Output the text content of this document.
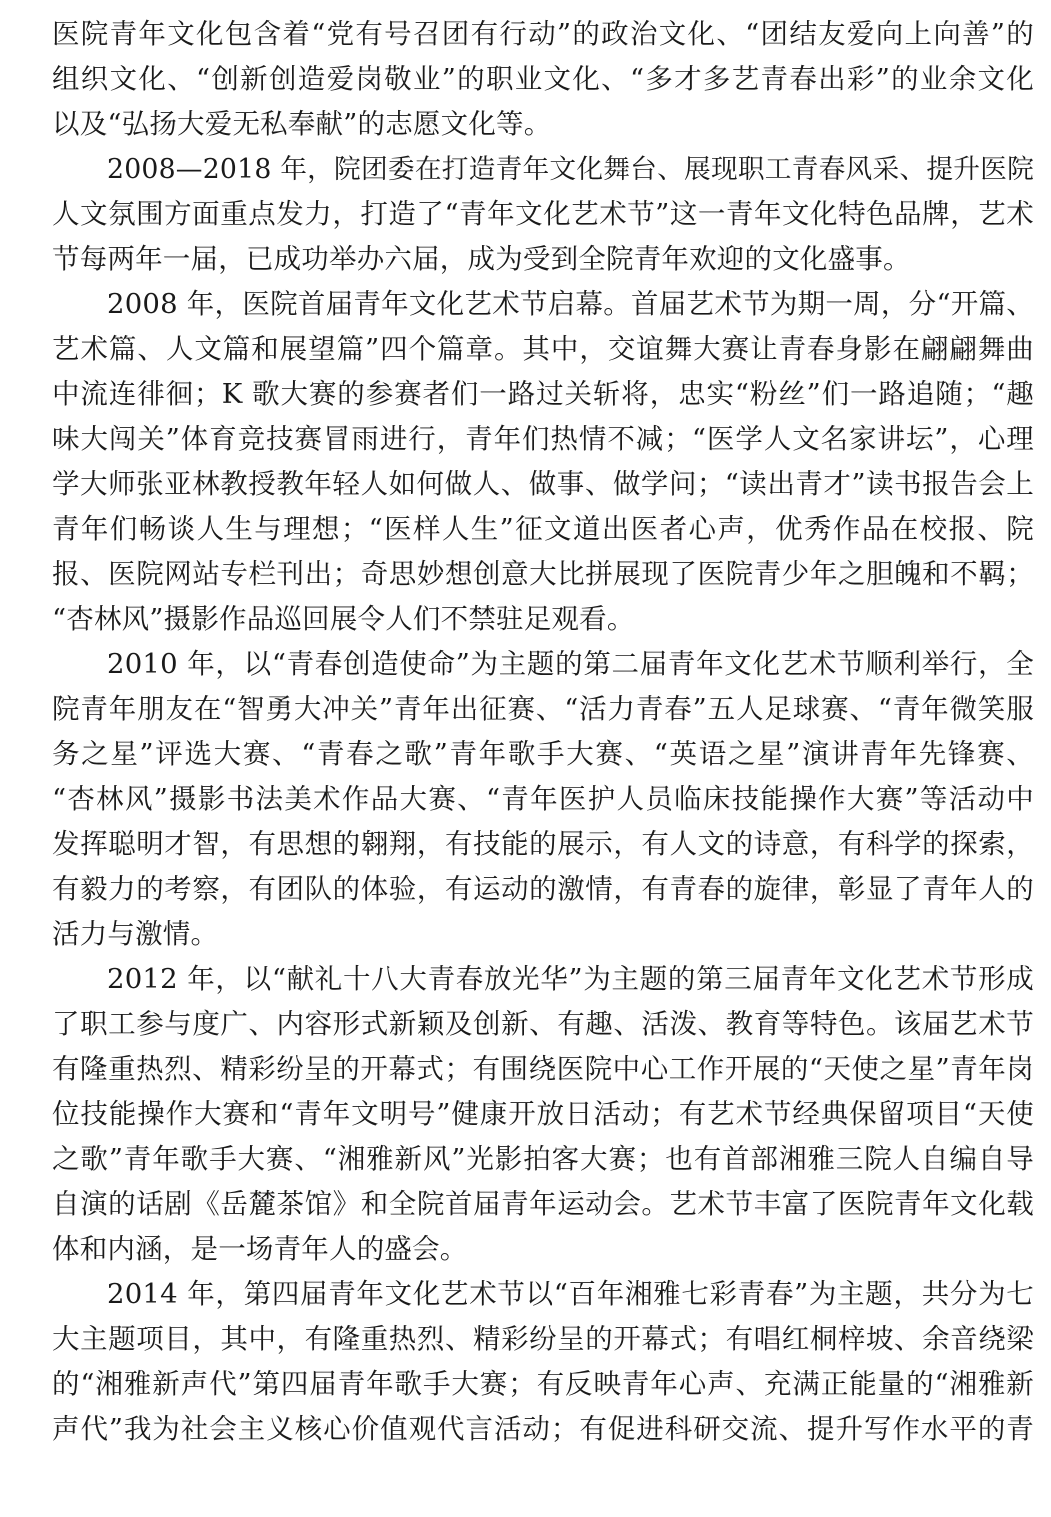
医院青年文化包含着“党有号召团有行动”的政治文化、“团结友爱向上向善”的
组织文化、“创新创造爱岗敬业”的职业文化、“多才多艺青春出彩”的业余文化
以及“弘扬大爱无私奉献”的志愿文化等。

2008—2018 年，院团委在打造青年文化舞台、展现职工青春风采、提升医院
人文氛围方面重点发力，打造了“青年文化艺术节”这一青年文化特色品牌，艺术
节每两年一届，已成功举办六届，成为受到全院青年欢迎的文化盛事。

2008 年，医院首届青年文化艺术节启幕。首届艺术节为期一周，分“开篇、
艺术篇、人文篇和展望篇”四个篇章。其中，交谊舞大赛让青春身影在翩翩舞曲
中流连徘徊；K 歌大赛的参赛者们一路过关斩将，忠实“粉丝”们一路追随；“趣
味大闯关”体育竞技赛冒雨进行，青年们热情不减；“医学人文名家讲坛”，心理
学大师张亚林教授教年轻人如何做人、做事、做学问；“读出青才”读书报告会上
青年们畅谈人生与理想；“医样人生”征文道出医者心声，优秀作品在校报、院
报、医院网站专栏刊出；奇思妙想创意大比拼展现了医院青少年之胆魄和不羁；
“杏林风”摄影作品巡回展令人们不禁驻足观看。

2010 年，以“青春创造使命”为主题的第二届青年文化艺术节顺利举行，全
院青年朋友在“智勇大冲关”青年出征赛、“活力青春”五人足球赛、“青年微笑服
务之星”评选大赛、“青春之歌”青年歌手大赛、“英语之星”演讲青年先锋赛、
“杏林风”摄影书法美术作品大赛、“青年医护人员临床技能操作大赛”等活动中
发挥聪明才智，有思想的翱翔，有技能的展示，有人文的诗意，有科学的探索，
有毅力的考察，有团队的体验，有运动的激情，有青春的旋律，彰显了青年人的
活力与激情。

2012 年，以“献礼十八大青春放光华”为主题的第三届青年文化艺术节形成
了职工参与度广、内容形式新颖及创新、有趣、活泼、教育等特色。该届艺术节
有隆重热烈、精彩纷呈的开幕式；有围绕医院中心工作开展的“天使之星”青年岗
位技能操作大赛和“青年文明号”健康开放日活动；有艺术节经典保留项目“天使
之歌”青年歌手大赛、“湘雅新风”光影拍客大赛；也有首部湘雅三院人自编自导
自演的话剧《岳麓茶馆》和全院首届青年运动会。艺术节丰富了医院青年文化载
体和内涵，是一场青年人的盛会。

2014 年，第四届青年文化艺术节以“百年湘雅七彩青春”为主题，共分为七
大主题项目，其中，有隆重热烈、精彩纷呈的开幕式；有唱红桐梓坡、余音绕梁
的“湘雅新声代”第四届青年歌手大赛；有反映青年心声、充满正能量的“湘雅新
声代”我为社会主义核心价值观代言活动；有促进科研交流、提升写作水平的青
